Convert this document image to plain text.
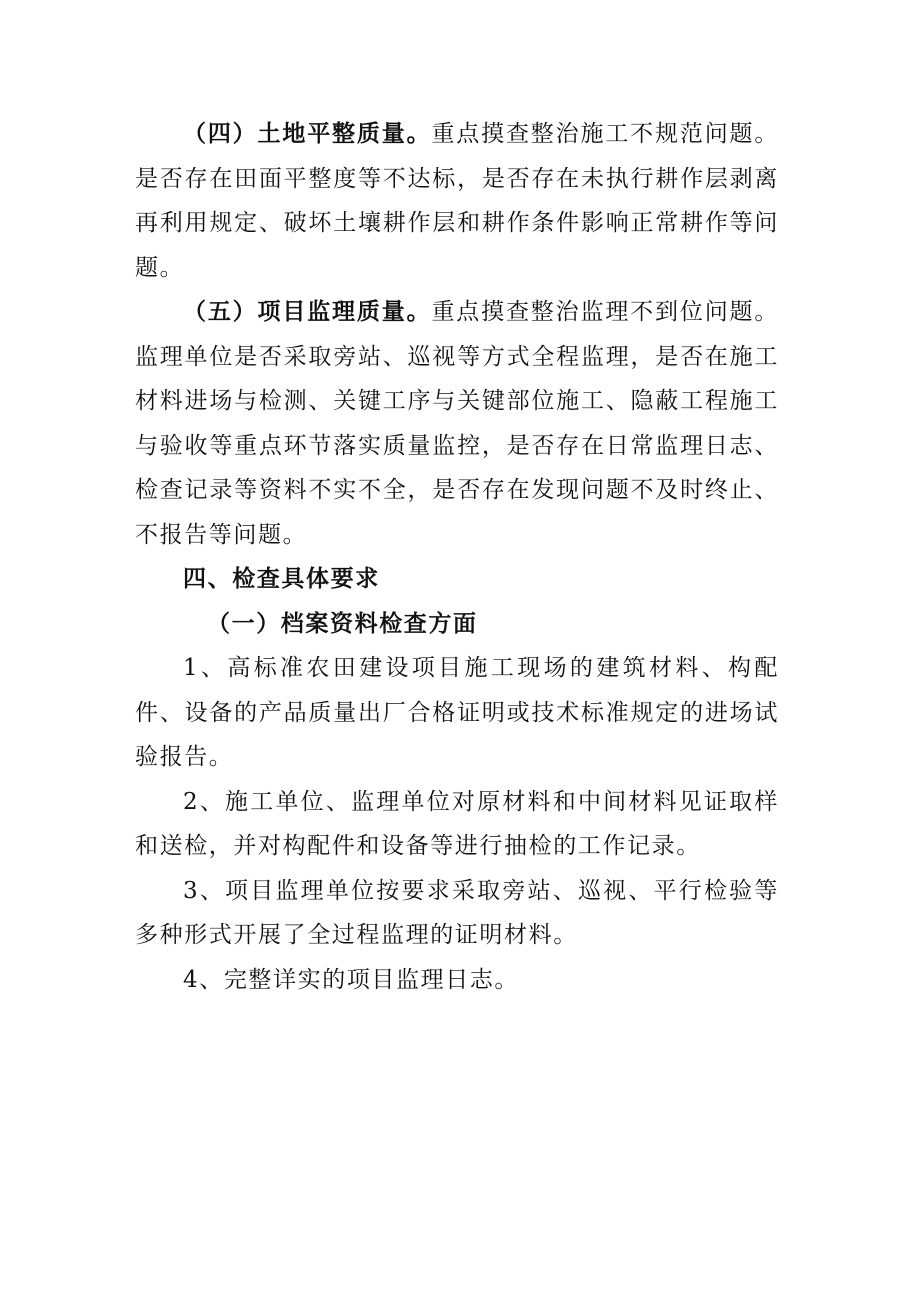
（四）土地平整质量。重点摸查整治施工不规范问题。是否存在田面平整度等不达标，是否存在未执行耕作层剥离再利用规定、破坏土壤耕作层和耕作条件影响正常耕作等问题。

（五）项目监理质量。重点摸查整治监理不到位问题。监理单位是否采取旁站、巡视等方式全程监理，是否在施工材料进场与检测、关键工序与关键部位施工、隐蔽工程施工与验收等重点环节落实质量监控，是否存在日常监理日志、检查记录等资料不实不全，是否存在发现问题不及时终止、不报告等问题。

四、检查具体要求

（一）档案资料检查方面

1、高标准农田建设项目施工现场的建筑材料、构配件、设备的产品质量出厂合格证明或技术标准规定的进场试验报告。

2、施工单位、监理单位对原材料和中间材料见证取样和送检，并对构配件和设备等进行抽检的工作记录。

3、项目监理单位按要求采取旁站、巡视、平行检验等多种形式开展了全过程监理的证明材料。

4、完整详实的项目监理日志。
